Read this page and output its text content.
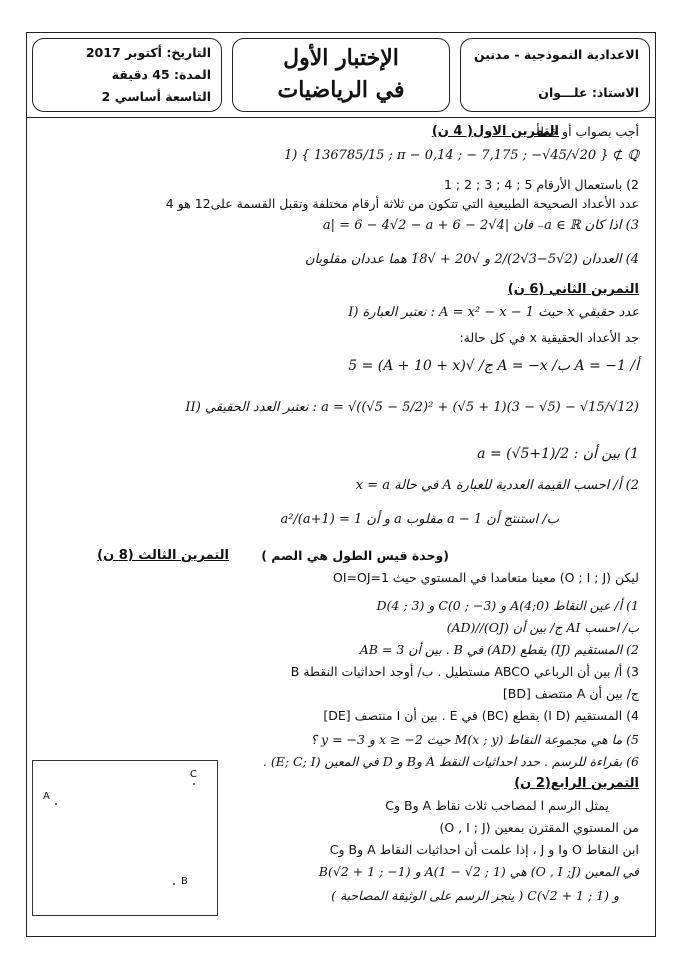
التاريخ: أكتوبر 2017
المدة: 45 دقيقة
التاسعة أساسي 2
الإختبار الأول
في الرياضيات
الاعدادية النموذجية - مدنين
الاستاذ: علـــوان
التمرين الاول( 4 ن)
أجب بصواب أو خطأ
1) { 136785/15 ; π − 0,14 ; − 7,175 ; −√45/√20 } ⊄ ℚ
2) باستعمال الأرقام 5 ; 4 ; 3 ; 2 ; 1
عدد الأعداد الصحيحة الطبيعية التي تتكون من ثلاثة أرقام مختلفة وتقبل القسمة على12 هو 4
3) اذا كان a ∈ ℝ₋ فان |4√2 − 6 + a| = 6 − 4√2 − a
4) العددان (2√5−3√2)/2 و √20 + √18 هما عددان مقلوبان
التمرين الثاني (6 ن)
I) نعتبر العبارة : A = x² − x − 1 حيث x عدد حقيقي
جد الأعداد الحقيقية x في كل حالة:
أ/ A = −1 ب/ A = −x ج/ √(A + 10 + x) = 5
II) نعتبر العدد الحقيقي : a = √((√5 − 5/2)² + (√5 + 1)(3 − √5) − √15/√12)
1) بين أن : a = (√5+1)/2
2) أ/ احسب القيمة العددية للعبارة A في حالة x = a
ب/ استنتج أن a − 1 مقلوب a و أن a²/(a+1) = 1
التمرين الثالث (8 ن)	(وحدة قيس الطول هي الصم )
ليكن (O ; I ; J) معينا متعامدا في المستوي حيث OI=OJ=1
1) أ/ عين النقاط A(4;0) و C(0 ; −3) و D(4 ; 3)
ب/ احسب AI ج/ بين أن (OJ)//(AD)
2) المستقيم (IJ) يقطع (AD) في B . بين أن AB = 3
3) أ/ بين أن الرباعي ABCO مستطيل . ب/ أوجد احداثيات النقطة B
ج/ بين أن A منتصف [BD]
4) المستقيم (I D) يقطع (BC) في E . بين أن I منتصف [DE]
5) ما هي مجموعة النقاط M(x ; y) حيث x ≥ −2 و y = −3 ؟
6) بقراءة للرسم . حدد احداثيات النقط A وB و D في المعين (E; C; I) .
التمرين الرابع(2 ن)
يمثل الرسم ا لمصاحب ثلاث نقاط A وB وC
من المستوي المقترن بمعين (O , I ; J)
ابن النقاط O وI و J ، إذا علمت أن احداثيات النقاط A وB وC
في المعين (O , I ;J) هي A(1 − √2 ; 1) و B(√2 + 1 ; −1)
و C(√2 + 1 ; 1) ( ينجز الرسم على الوثيقة المصاحبة )
A
C
B
